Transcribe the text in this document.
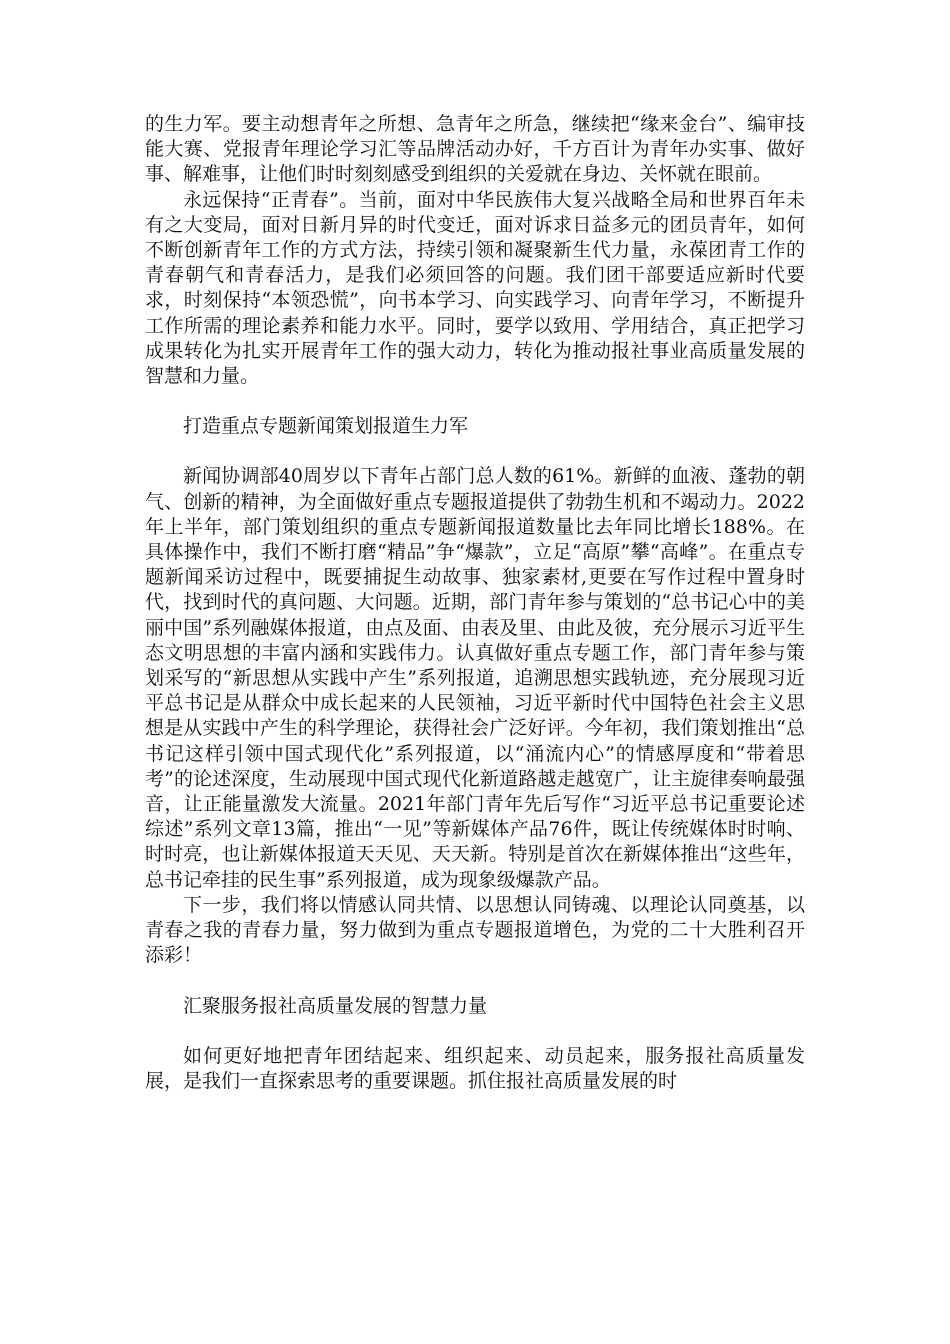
的生力军。要主动想青年之所想、急青年之所急，继续把“缘来金台”、编审技能大赛、党报青年理论学习汇等品牌活动办好，千方百计为青年办实事、做好事、解难事，让他们时时刻刻感受到组织的关爱就在身边、关怀就在眼前。

永远保持“正青春”。当前，面对中华民族伟大复兴战略全局和世界百年未有之大变局，面对日新月异的时代变迁，面对诉求日益多元的团员青年，如何不断创新青年工作的方式方法，持续引领和凝聚新生代力量，永葆团青工作的青春朝气和青春活力，是我们必须回答的问题。我们团干部要适应新时代要求，时刻保持“本领恐慌”，向书本学习、向实践学习、向青年学习，不断提升工作所需的理论素养和能力水平。同时，要学以致用、学用结合，真正把学习成果转化为扎实开展青年工作的强大动力，转化为推动报社事业高质量发展的智慧和力量。

打造重点专题新闻策划报道生力军

新闻协调部40周岁以下青年占部门总人数的61%。新鲜的血液、蓬勃的朝气、创新的精神，为全面做好重点专题报道提供了勃勃生机和不竭动力。2022年上半年，部门策划组织的重点专题新闻报道数量比去年同比增长188%。在具体操作中，我们不断打磨“精品”争“爆款”，立足“高原”攀“高峰”。在重点专题新闻采访过程中，既要捕捉生动故事、独家素材,更要在写作过程中置身时代，找到时代的真问题、大问题。近期，部门青年参与策划的“总书记心中的美丽中国”系列融媒体报道，由点及面、由表及里、由此及彼，充分展示习近平生态文明思想的丰富内涵和实践伟力。认真做好重点专题工作，部门青年参与策划采写的“新思想从实践中产生”系列报道，追溯思想实践轨迹，充分展现习近平总书记是从群众中成长起来的人民领袖，习近平新时代中国特色社会主义思想是从实践中产生的科学理论，获得社会广泛好评。今年初，我们策划推出“总书记这样引领中国式现代化”系列报道，以“涌流内心”的情感厚度和“带着思考”的论述深度，生动展现中国式现代化新道路越走越宽广，让主旋律奏响最强音，让正能量激发大流量。2021年部门青年先后写作“习近平总书记重要论述综述”系列文章13篇，推出“一见”等新媒体产品76件，既让传统媒体时时响、时时亮，也让新媒体报道天天见、天天新。特别是首次在新媒体推出“这些年，总书记牵挂的民生事”系列报道，成为现象级爆款产品。

下一步，我们将以情感认同共情、以思想认同铸魂、以理论认同奠基，以青春之我的青春力量，努力做到为重点专题报道增色，为党的二十大胜利召开添彩！

汇聚服务报社高质量发展的智慧力量

如何更好地把青年团结起来、组织起来、动员起来，服务报社高质量发展，是我们一直探索思考的重要课题。抓住报社高质量发展的时
